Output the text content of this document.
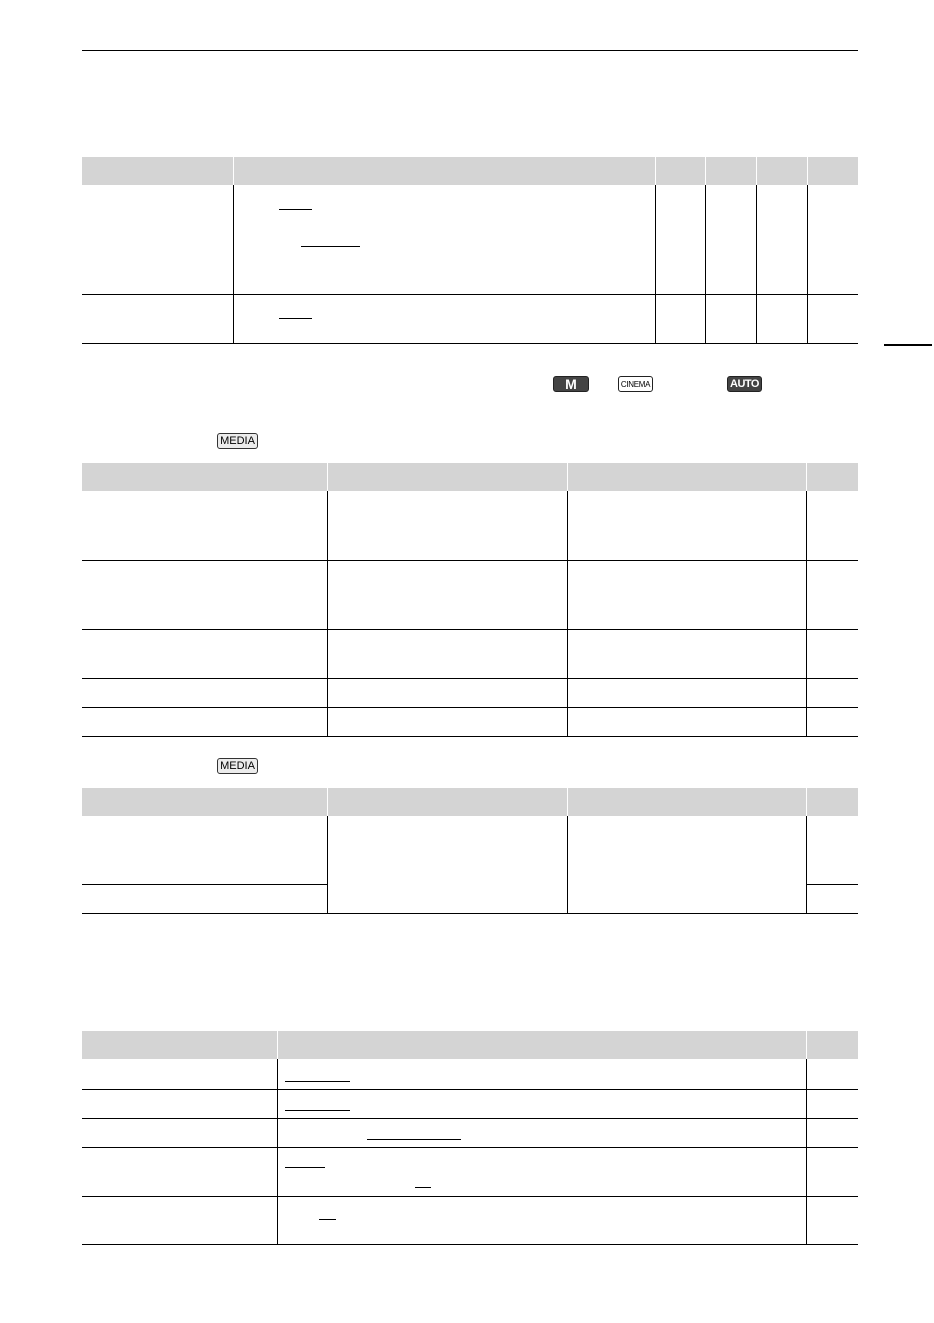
M	CINEMA	AUTO
MEDIA
MEDIA
